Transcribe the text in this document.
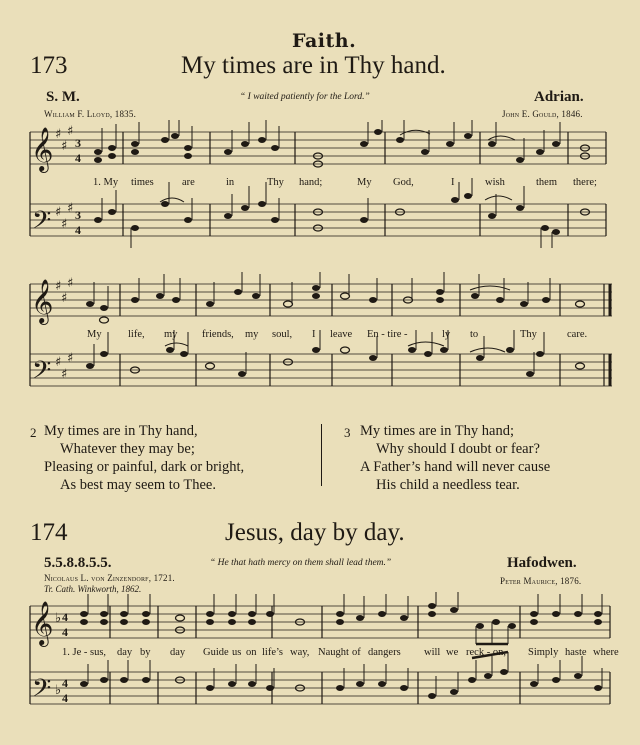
Faith.
173	My times are in Thy hand.
S. M.	“ I waited patiently for the Lord.”	Adrian.
William F. Lloyd, 1835.	John E. Gould, 1846.
𝄞
𝄢
♯
♯
♯
♯
♯
♯
3
4
3
4
1. My times	are	in	Thy hand;	My God,	I	wish	them there;
𝄞
𝄢
♯
♯
♯
♯
♯
♯
My	life, my friends, my soul, I leave En - tire -	ly to	Thy	care.
2 My times are in Thy hand,
Whatever they may be;
Pleasing or painful, dark or bright,
As best may seem to Thee.
3 My times are in Thy hand;
Why should I doubt or fear?
A Father’s hand will never cause
His child a needless tear.
174	Jesus, day by day.
5.5.8.8.5.5.	“ He that hath mercy on them shall lead them.”	Hafodwen.
Nicolaus L. von Zinzendorf, 1721.
Tr. Cath. Winkworth, 1862.
Peter Maurice, 1876.
𝄞
𝄢
♭
♭
4
4
4
4
1. Je - sus, day by day Guide us on life’s way, Naught of dangers will we reck - on, Simply haste where
